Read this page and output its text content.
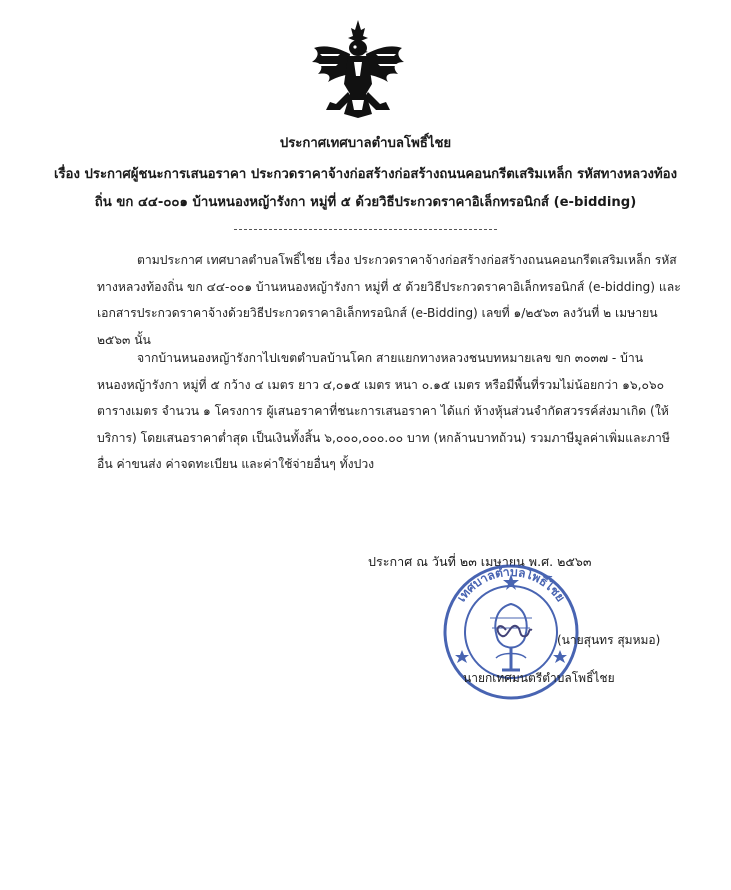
ประกาศเทศบาลตำบลโพธิ์ไชย
เรื่อง ประกาศผู้ชนะการเสนอราคา ประกวดราคาจ้างก่อสร้างก่อสร้างถนนคอนกรีตเสริมเหล็ก รหัสทางหลวงท้อง
ถิ่น ขก ๔๔-๐๐๑ บ้านหนองหญ้ารังกา หมู่ที่ ๕ ด้วยวิธีประกวดราคาอิเล็กทรอนิกส์ (e-bidding)
ตามประกาศ เทศบาลตำบลโพธิ์ไชย เรื่อง ประกวดราคาจ้างก่อสร้างก่อสร้างถนนคอนกรีตเสริมเหล็ก รหัส
ทางหลวงท้องถิ่น ขก ๔๔-๐๐๑ บ้านหนองหญ้ารังกา หมู่ที่ ๕ ด้วยวิธีประกวดราคาอิเล็กทรอนิกส์ (e-bidding) และ
เอกสารประกวดราคาจ้างด้วยวิธีประกวดราคาอิเล็กทรอนิกส์ (e-Bidding) เลขที่ ๑/๒๕๖๓ ลงวันที่ ๒ เมษายน
๒๕๖๓ นั้น
จากบ้านหนองหญ้ารังกาไปเขตตำบลบ้านโคก สายแยกทางหลวงชนบทหมายเลข ขก ๓๐๓๗ - บ้าน
หนองหญ้ารังกา หมู่ที่ ๕ กว้าง ๔ เมตร ยาว ๔,๐๑๕ เมตร หนา ๐.๑๕ เมตร หรือมีพื้นที่รวมไม่น้อยกว่า ๑๖,๐๖๐
ตารางเมตร จำนวน ๑ โครงการ ผู้เสนอราคาที่ชนะการเสนอราคา ได้แก่ ห้างหุ้นส่วนจำกัดสวรรค์ส่งมาเกิด (ให้
บริการ) โดยเสนอราคาต่ำสุด เป็นเงินทั้งสิ้น ๖,๐๐๐,๐๐๐.๐๐ บาท (หกล้านบาทถ้วน) รวมภาษีมูลค่าเพิ่มและภาษี
อื่น ค่าขนส่ง ค่าจดทะเบียน และค่าใช้จ่ายอื่นๆ ทั้งปวง
ประกาศ ณ วันที่ ๒๓ เมษายน พ.ศ. ๒๕๖๓
เทศบาลตำบลโพธิ์ไชย
(นายสุนทร สุมหมอ)
นายกเทศมนตรีตำบลโพธิ์ไชย
